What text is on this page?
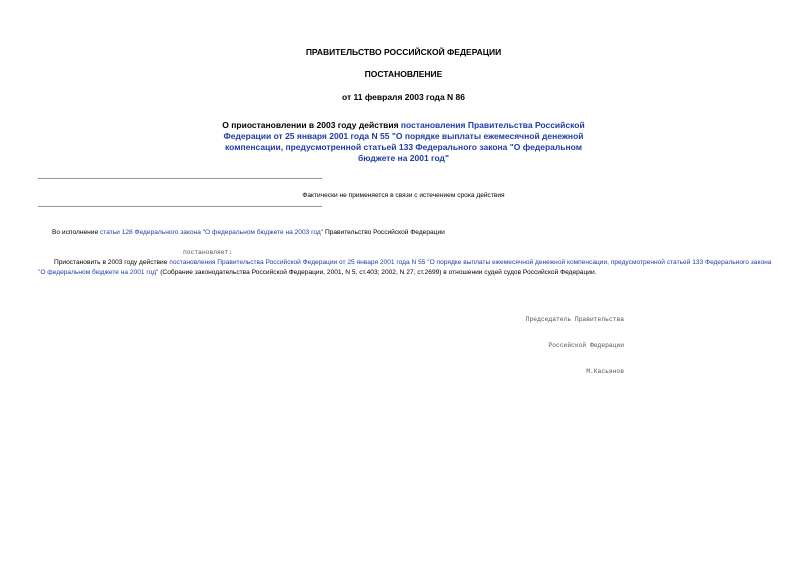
ПРАВИТЕЛЬСТВО РОССИЙСКОЙ ФЕДЕРАЦИИ
ПОСТАНОВЛЕНИЕ
от 11 февраля 2003 года N 86
О приостановлении в 2003 году действия постановления Правительства Российской Федерации от 25 января 2001 года N 55 "О порядке выплаты ежемесячной денежной компенсации, предусмотренной статьей 133 Федерального закона "О федеральном бюджете на 2001 год"
Фактически не применяется в связи с истечением срока действия
Во исполнение статьи 128 Федерального закона "О федеральном бюджете на 2003 год" Правительство Российской Федерации
постановляет:
Приостановить в 2003 году действие постановления Правительства Российской Федерации от 25 января 2001 года N 55 "О порядке выплаты ежемесячной денежной компенсации, предусмотренной статьей 133 Федерального закона "О федеральном бюджете на 2001 год" (Собрание законодательства Российской Федерации, 2001, N 5, ст.403; 2002, N 27, ст.2699) в отношении судей судов Российской Федерации.

Председатель Правительства

Российской Федерации

М.Касьянов
